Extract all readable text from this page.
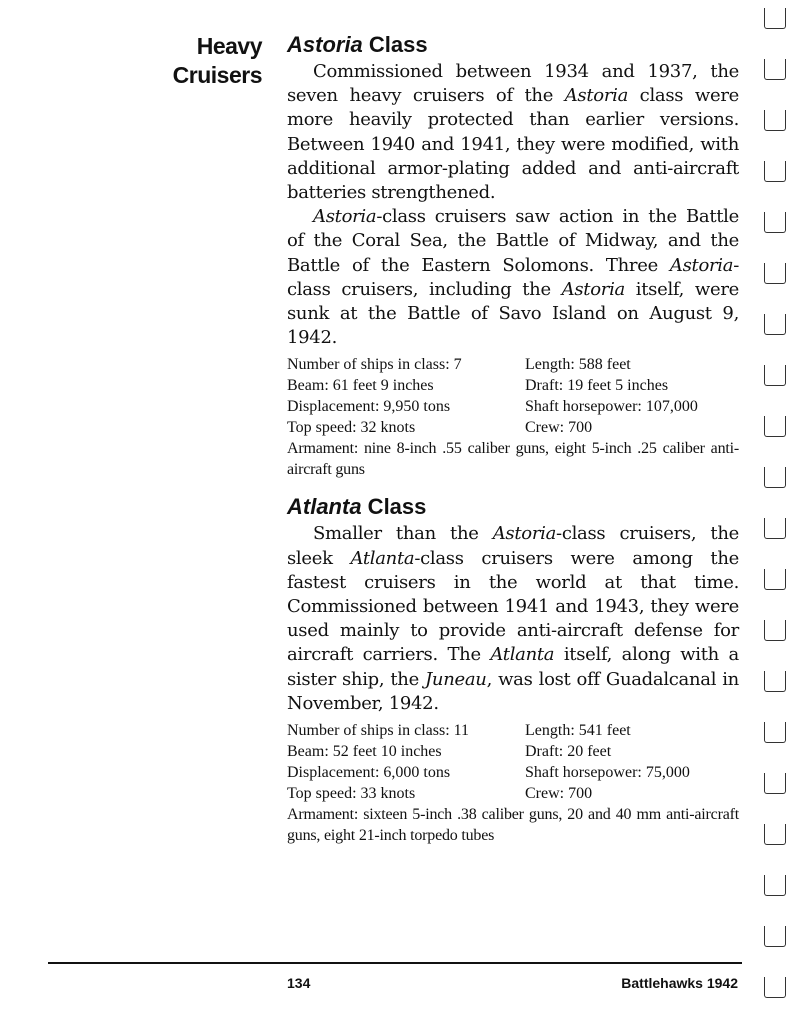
Heavy
Cruisers
Astoria Class

Commissioned between 1934 and 1937, the seven heavy cruisers of the Astoria class were more heavily protected than earlier versions. Between 1940 and 1941, they were modified, with additional armor-plating added and anti-aircraft batteries strengthened.

Astoria-class cruisers saw action in the Battle of the Coral Sea, the Battle of Midway, and the Battle of the Eastern Solomons. Three Astoria-class cruisers, including the Astoria itself, were sunk at the Battle of Savo Island on August 9, 1942.

Number of ships in class: 7	Length: 588 feet
Beam: 61 feet 9 inches	Draft: 19 feet 5 inches
Displacement: 9,950 tons	Shaft horsepower: 107,000
Top speed: 32 knots	Crew: 700
Armament: nine 8-inch .55 caliber guns, eight 5-inch .25 caliber anti-aircraft guns
Atlanta Class

Smaller than the Astoria-class cruisers, the sleek Atlanta-class cruisers were among the fastest cruisers in the world at that time. Commissioned between 1941 and 1943, they were used mainly to provide anti-aircraft defense for aircraft carriers. The Atlanta itself, along with a sister ship, the Juneau, was lost off Guadalcanal in November, 1942.

Number of ships in class: 11	Length: 541 feet
Beam: 52 feet 10 inches	Draft: 20 feet
Displacement: 6,000 tons	Shaft horsepower: 75,000
Top speed: 33 knots	Crew: 700
Armament: sixteen 5-inch .38 caliber guns, 20 and 40 mm anti-aircraft guns, eight 21-inch torpedo tubes
134	Battlehawks 1942
